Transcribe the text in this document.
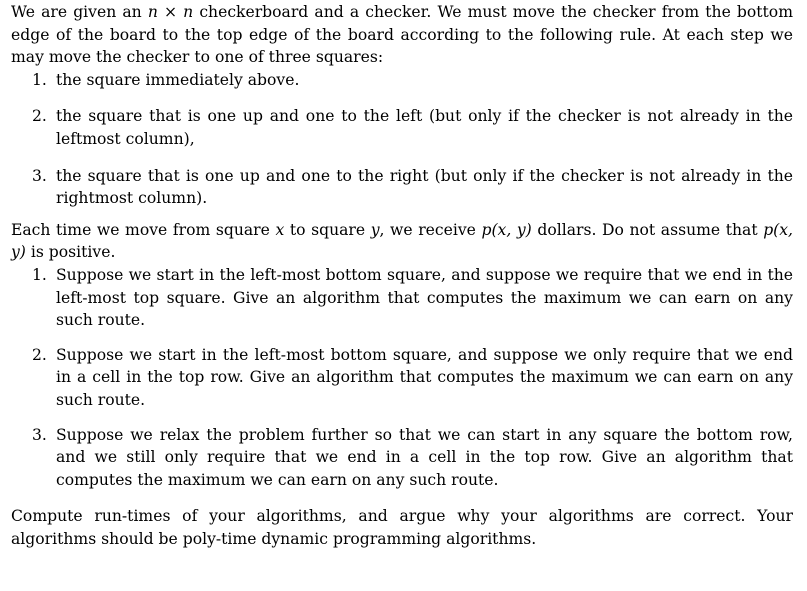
We are given an n × n checkerboard and a checker. We must move the checker from the bottom edge of the board to the top edge of the board according to the following rule. At each step we may move the checker to one of three squares:

1. the square immediately above.
2. the square that is one up and one to the left (but only if the checker is not already in the leftmost column),
3. the square that is one up and one to the right (but only if the checker is not already in the rightmost column).

Each time we move from square x to square y, we receive p(x, y) dollars. Do not assume that p(x, y) is positive.

1. Suppose we start in the left-most bottom square, and suppose we require that we end in the left-most top square. Give an algorithm that computes the maximum we can earn on any such route.
2. Suppose we start in the left-most bottom square, and suppose we only require that we end in a cell in the top row. Give an algorithm that computes the maximum we can earn on any such route.
3. Suppose we relax the problem further so that we can start in any square the bottom row, and we still only require that we end in a cell in the top row. Give an algorithm that computes the maximum we can earn on any such route.

Compute run-times of your algorithms, and argue why your algorithms are correct. Your algorithms should be poly-time dynamic programming algorithms.
